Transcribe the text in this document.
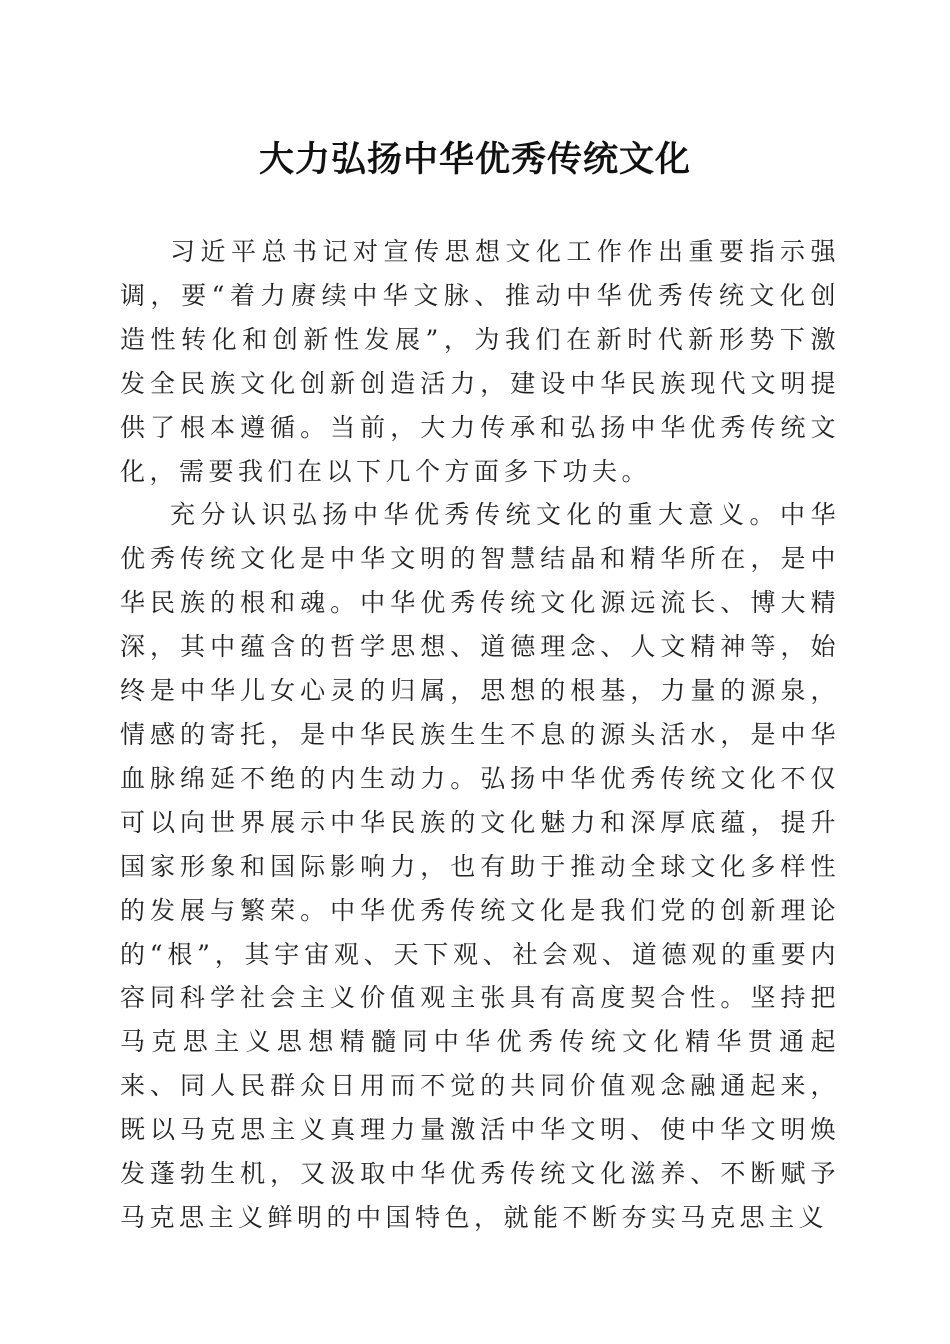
大力弘扬中华优秀传统文化

习近平总书记对宣传思想文化工作作出重要指示强调，要“着力赓续中华文脉、推动中华优秀传统文化创造性转化和创新性发展”，为我们在新时代新形势下激发全民族文化创新创造活力，建设中华民族现代文明提供了根本遵循。当前，大力传承和弘扬中华优秀传统文化，需要我们在以下几个方面多下功夫。

充分认识弘扬中华优秀传统文化的重大意义。中华优秀传统文化是中华文明的智慧结晶和精华所在，是中华民族的根和魂。中华优秀传统文化源远流长、博大精深，其中蕴含的哲学思想、道德理念、人文精神等，始终是中华儿女心灵的归属，思想的根基，力量的源泉，情感的寄托，是中华民族生生不息的源头活水，是中华血脉绵延不绝的内生动力。弘扬中华优秀传统文化不仅可以向世界展示中华民族的文化魅力和深厚底蕴，提升国家形象和国际影响力，也有助于推动全球文化多样性的发展与繁荣。中华优秀传统文化是我们党的创新理论的“根”，其宇宙观、天下观、社会观、道德观的重要内容同科学社会主义价值观主张具有高度契合性。坚持把马克思主义思想精髓同中华优秀传统文化精华贯通起来、同人民群众日用而不觉的共同价值观念融通起来，既以马克思主义真理力量激活中华文明、使中华文明焕发蓬勃生机，又汲取中华优秀传统文化滋养、不断赋予马克思主义鲜明的中国特色，就能不断夯实马克思主义
